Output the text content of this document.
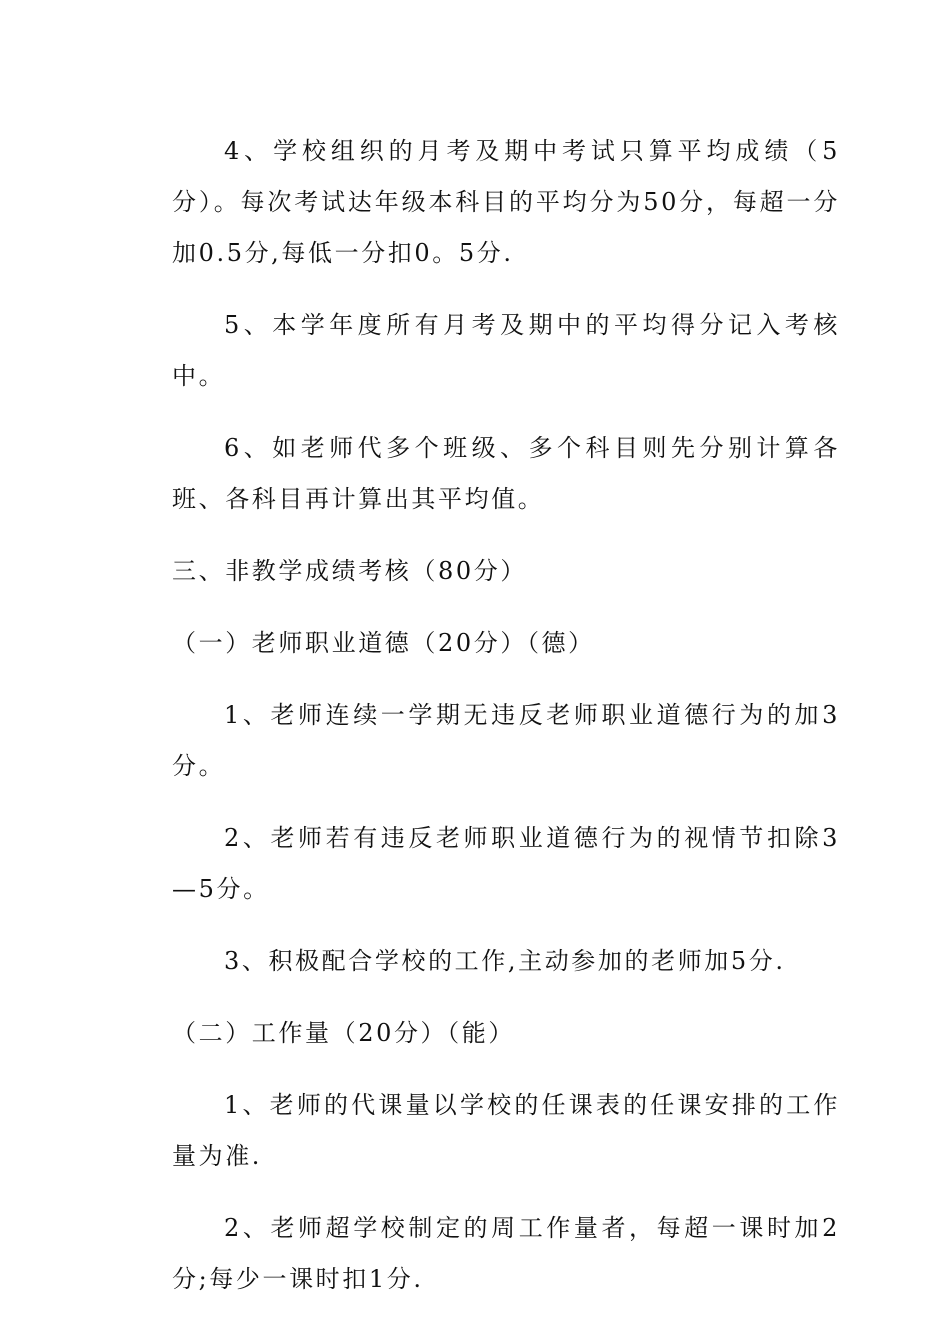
4、学校组织的月考及期中考试只算平均成绩（5分）。每次考试达年级本科目的平均分为50分，每超一分加0.5分,每低一分扣0。5分.

5、本学年度所有月考及期中的平均得分记入考核中。

6、如老师代多个班级、多个科目则先分别计算各班、各科目再计算出其平均值。

三、非教学成绩考核（80分）

（一）老师职业道德（20分）（德）

1、老师连续一学期无违反老师职业道德行为的加3分。

2、老师若有违反老师职业道德行为的视情节扣除3—5分。

3、积极配合学校的工作,主动参加的老师加5分.

（二）工作量（20分）（能）

1、老师的代课量以学校的任课表的任课安排的工作量为准.

2、老师超学校制定的周工作量者，每超一课时加2分;每少一课时扣1分.
